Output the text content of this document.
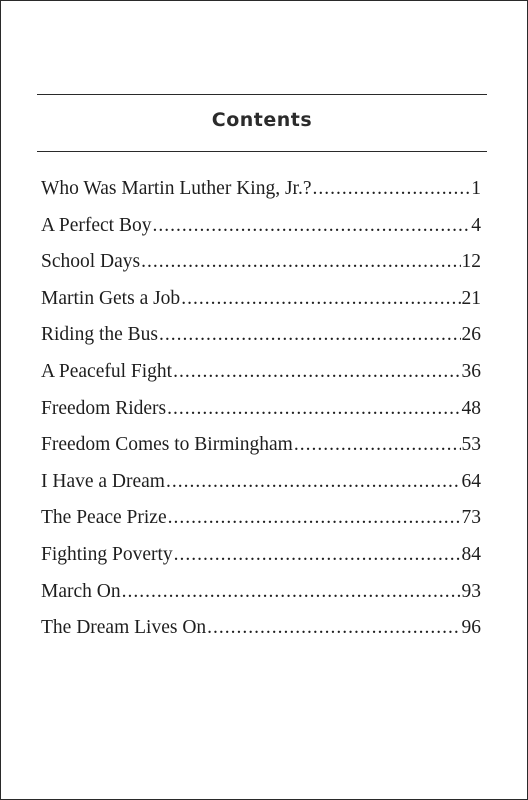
Contents
Who Was Martin Luther King, Jr.? .....	1
A Perfect Boy .....	4
School Days .....	12
Martin Gets a Job .....	21
Riding the Bus .....	26
A Peaceful Fight .....	36
Freedom Riders .....	48
Freedom Comes to Birmingham .....	53
I Have a Dream .....	64
The Peace Prize .....	73
Fighting Poverty .....	84
March On .....	93
The Dream Lives On .....	96
